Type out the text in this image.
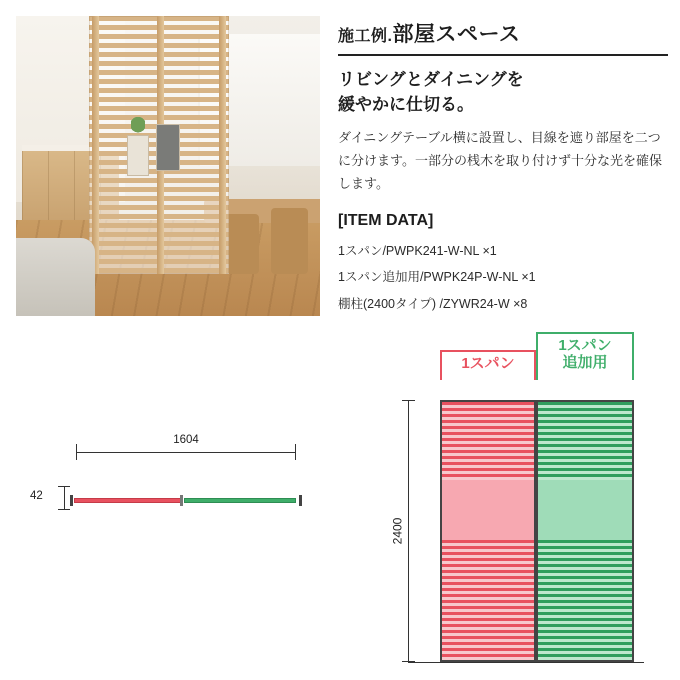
施工例.部屋スペース
リビングとダイニングを
緩やかに仕切る。
ダイニングテーブル横に設置し、目線を遮り部屋を二つに分けます。一部分の桟木を取り付けず十分な光を確保します。
[ITEM DATA]
1スパン/PWPK241-W-NL ×1
1スパン追加用/PWPK24P-W-NL ×1
棚柱(2400タイプ) /ZYWR24-W ×8
1604
42
1スパン
1スパン
追加用
2400
